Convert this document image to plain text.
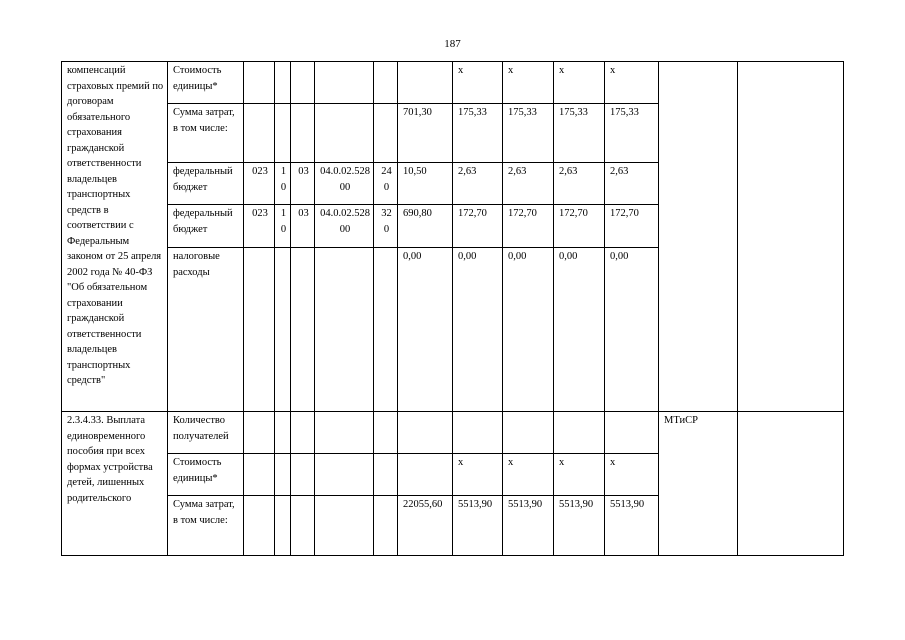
187
компенсаций страховых премий по договорам обязательного страхования гражданской ответственности владельцев транспортных средств в соответствии с Федеральным законом от 25 апреля 2002 года № 40-ФЗ "Об обязательном страховании гражданской ответственности владельцев транспортных средств"	Стоимость единицы*							x	x	x	x		
	Сумма затрат, в том числе:						701,30	175,33	175,33	175,33	175,33		
	федеральный бюджет	023	10	03	04.0.02.52800	240	10,50	2,63	2,63	2,63	2,63		
	федеральный бюджет	023	10	03	04.0.02.52800	320	690,80	172,70	172,70	172,70	172,70		
	налоговые расходы						0,00	0,00	0,00	0,00	0,00		
2.3.4.33. Выплата единовременного пособия при всех формах устройства детей, лишенных родительского	Количество получателей											МТиСР	
	Стоимость единицы*							x	x	x	x		
	Сумма затрат, в том числе:						22055,60	5513,90	5513,90	5513,90	5513,90		
